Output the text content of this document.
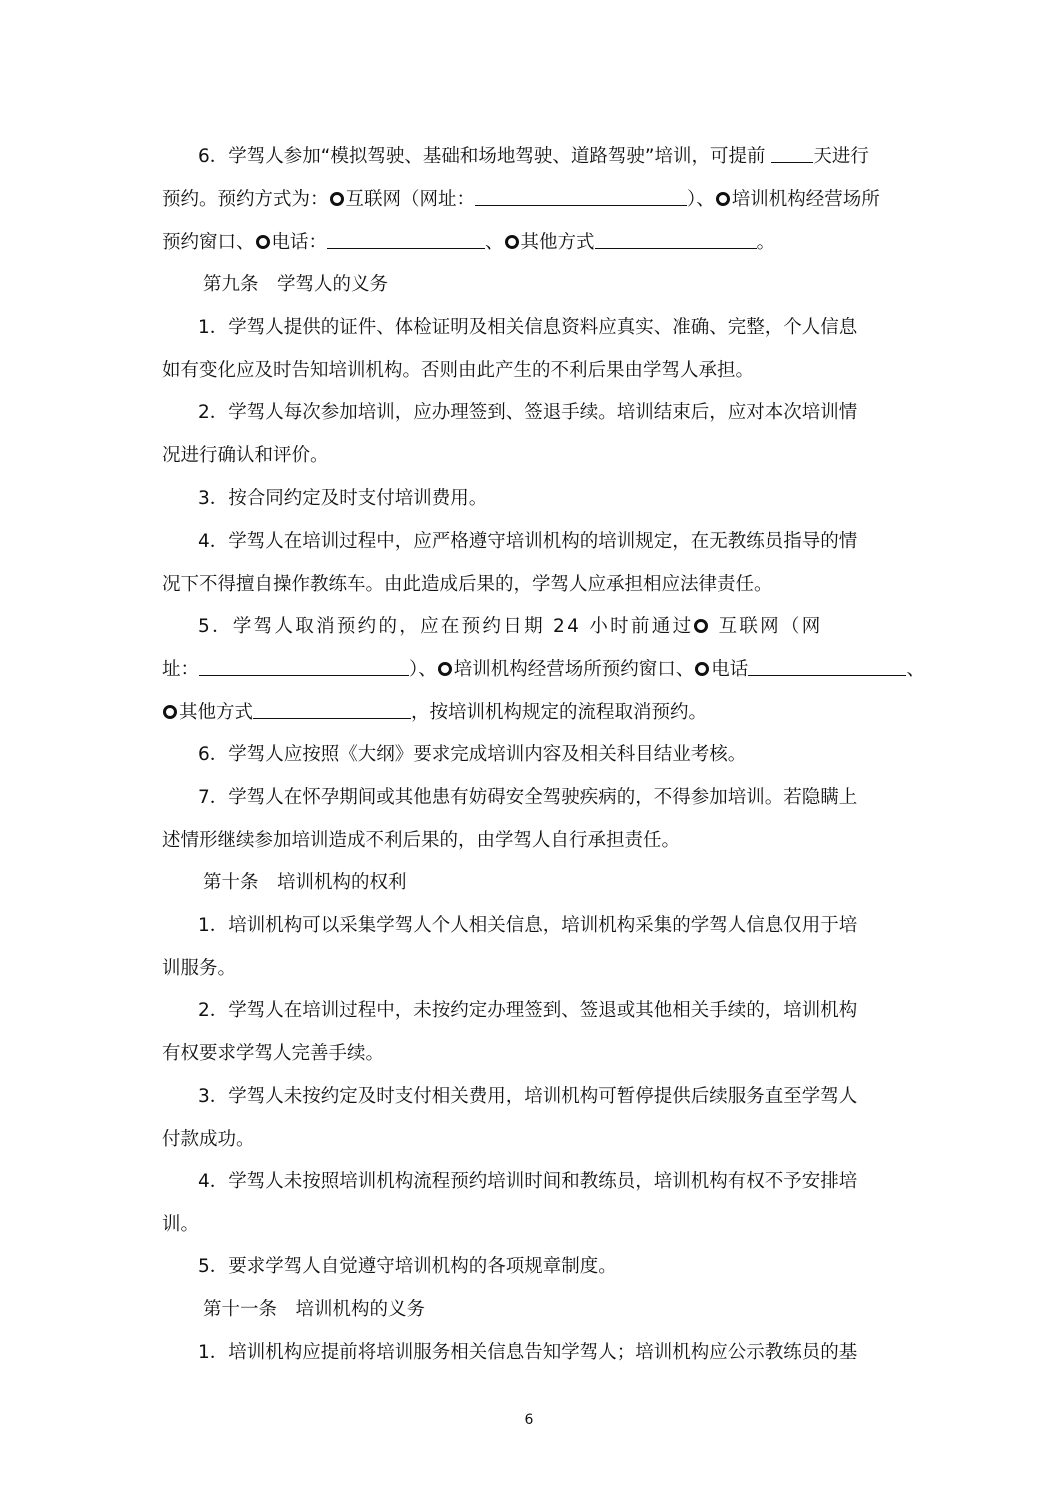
6．学驾人参加“模拟驾驶、基础和场地驾驶、道路驾驶”培训，可提前	天进行
预约。预约方式为： 互联网（网址：	）、 培训机构经营场所
预约窗口、 电话：	、 其他方式	。
第九条　学驾人的义务
1．学驾人提供的证件、体检证明及相关信息资料应真实、准确、完整，个人信息
如有变化应及时告知培训机构。否则由此产生的不利后果由学驾人承担。
2．学驾人每次参加培训，应办理签到、签退手续。培训结束后，应对本次培训情
况进行确认和评价。
3．按合同约定及时支付培训费用。
4．学驾人在培训过程中，应严格遵守培训机构的培训规定，在无教练员指导的情
况下不得擅自操作教练车。由此造成后果的，学驾人应承担相应法律责任。
5．学驾人取消预约的，应在预约日期 24 小时前通过 互联网（网
址：	）、 培训机构经营场所预约窗口、 电话	、
其他方式	，按培训机构规定的流程取消预约。
6．学驾人应按照《大纲》要求完成培训内容及相关科目结业考核。
7．学驾人在怀孕期间或其他患有妨碍安全驾驶疾病的，不得参加培训。若隐瞒上
述情形继续参加培训造成不利后果的，由学驾人自行承担责任。
第十条　培训机构的权利
1．培训机构可以采集学驾人个人相关信息，培训机构采集的学驾人信息仅用于培
训服务。
2．学驾人在培训过程中，未按约定办理签到、签退或其他相关手续的，培训机构
有权要求学驾人完善手续。
3．学驾人未按约定及时支付相关费用，培训机构可暂停提供后续服务直至学驾人
付款成功。
4．学驾人未按照培训机构流程预约培训时间和教练员，培训机构有权不予安排培
训。
5．要求学驾人自觉遵守培训机构的各项规章制度。
第十一条　培训机构的义务
1．培训机构应提前将培训服务相关信息告知学驾人；培训机构应公示教练员的基
6
